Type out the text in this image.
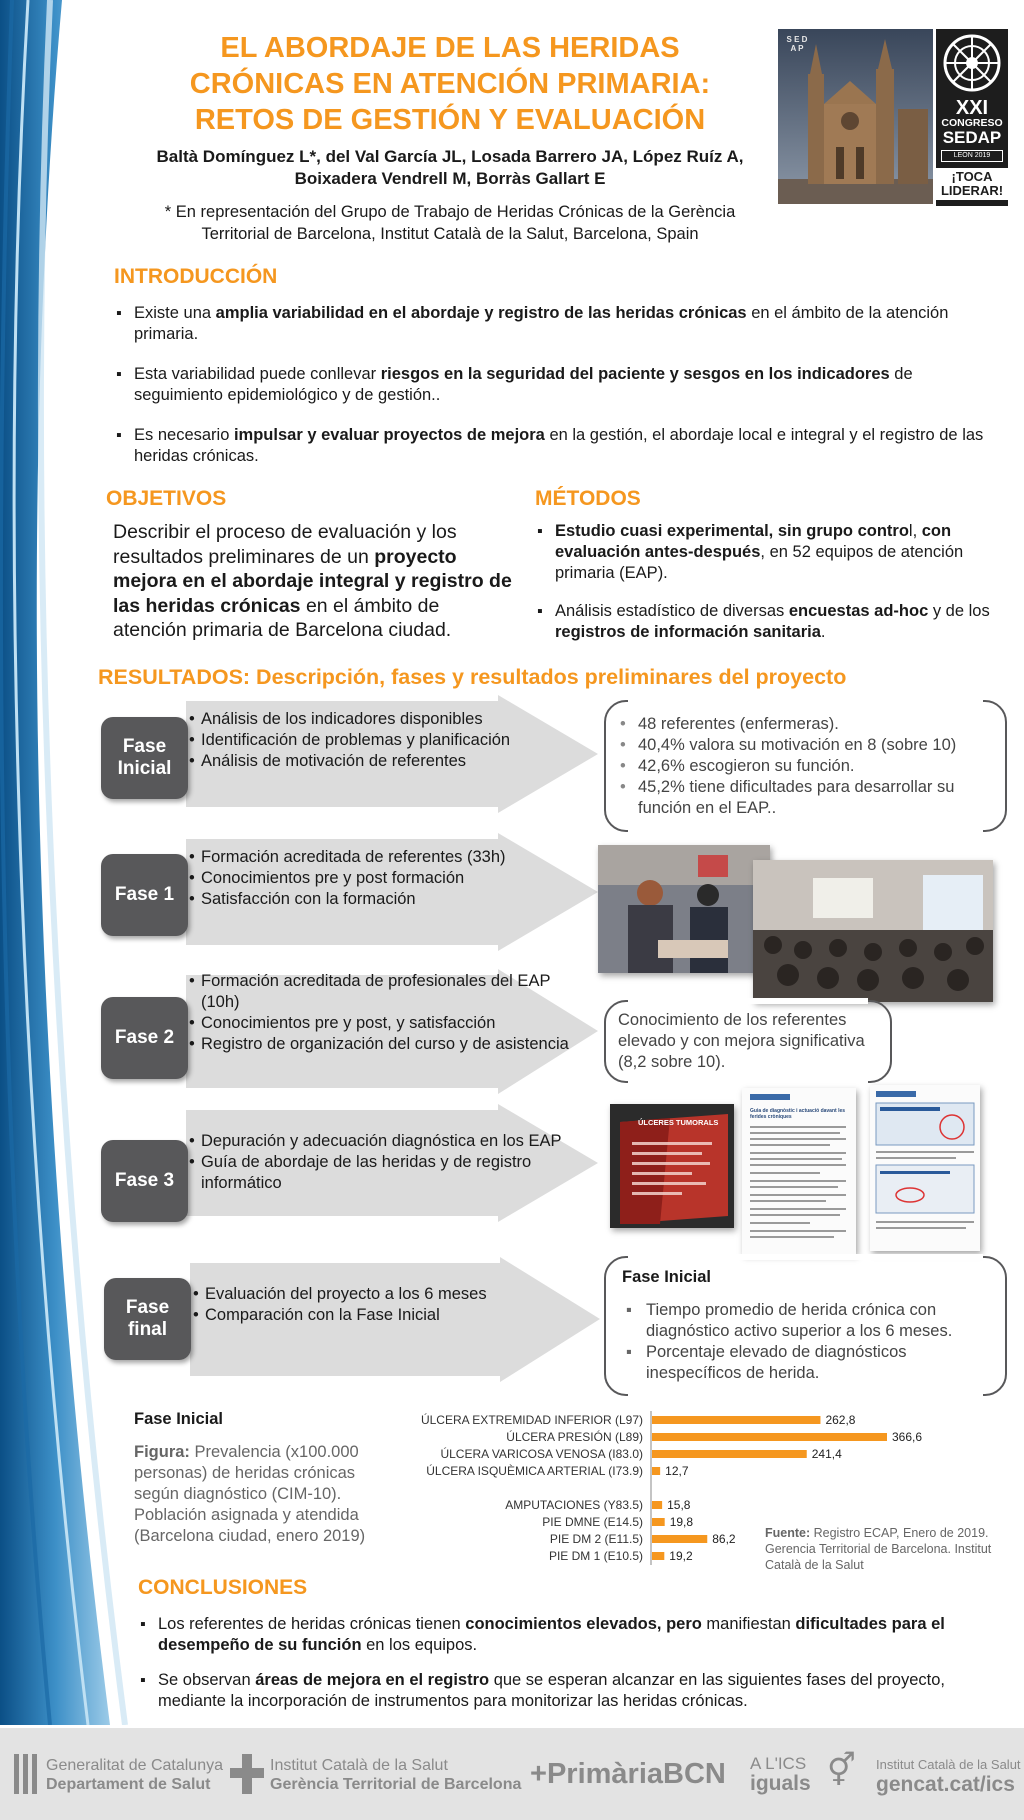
EL ABORDAJE DE LAS HERIDAS
CRÓNICAS EN ATENCIÓN PRIMARIA:
RETOS DE GESTIÓN Y EVALUACIÓN
Baltà Domínguez L*, del Val García JL, Losada Barrero JA, López Ruíz A,
Boixadera Vendrell M, Borràs Gallart E
* En representación del Grupo de Trabajo de Heridas Crónicas de la Gerència
Territorial de Barcelona, Institut Català de la Salut, Barcelona, Spain
S E D A P
XXI
CONGRESO
SEDAP
LEÓN 2019
¡TOCA
LIDERAR!
INTRODUCCIÓN
▪ Existe una amplia variabilidad en el abordaje y registro de las heridas crónicas en el ámbito de la atención primaria.
▪ Esta variabilidad puede conllevar riesgos en la seguridad del paciente y sesgos en los indicadores de seguimiento epidemiológico y de gestión..
▪ Es necesario impulsar y evaluar proyectos de mejora en la gestión, el abordaje local e integral y el registro de las heridas crónicas.
OBJETIVOS
Describir el proceso de evaluación y los resultados preliminares de un proyecto mejora en el abordaje integral y registro de las heridas crónicas en el ámbito de atención primaria de Barcelona ciudad.
MÉTODOS
▪ Estudio cuasi experimental, sin grupo control, con evaluación antes-después, en 52 equipos de atención primaria (EAP).
▪ Análisis estadístico de diversas encuestas ad-hoc y de los registros de información sanitaria.
RESULTADOS: Descripción, fases y resultados preliminares del proyecto
Fase
Inicial
Fase 1
Fase 2
Fase 3
Fase
final
• Análisis de los indicadores disponibles
• Identificación de problemas y planificación
• Análisis de motivación de referentes
• Formación acreditada de referentes (33h)
• Conocimientos pre y post formación
• Satisfacción con la formación
• Formación acreditada de profesionales del EAP (10h)
• Conocimientos pre y post, y satisfacción
• Registro de organización del curso y de asistencia
• Depuración y adecuación diagnóstica en los EAP
• Guía de abordaje de las heridas y de registro informático
• Evaluación del proyecto a los 6 meses
• Comparación con la Fase Inicial
• 48 referentes (enfermeras).
• 40,4% valora su motivación en 8 (sobre 10)
• 42,6% escogieron su función.
• 45,2% tiene dificultades para desarrollar su función en el EAP..
Conocimiento de los referentes elevado y con mejora significativa (8,2 sobre 10).
ÚLCERES TUMORALS
Guia de diagnòstic i actuació davant les ferides cròniques
Fase Inicial
▪ Tiempo promedio de herida crónica con diagnóstico activo superior a los 6 meses.
▪ Porcentaje elevado de diagnósticos inespecíficos de herida.
Fase Inicial
Figura: Prevalencia (x100.000 personas) de heridas crónicas según diagnóstico (CIM-10). Población asignada y atendida (Barcelona ciudad, enero 2019)
ÚLCERA EXTREMIDAD INFERIOR (L97)	262,8
ÚLCERA PRESIÓN (L89)	366,6
ÚLCERA VARICOSA VENOSA (I83.0)	241,4
ÚLCERA ISQUÈMICA ARTERIAL (I73.9) 12,7
AMPUTACIONES (Y83.5) 15,8
PIE DMNE (E14.5) 19,8
PIE DM 2 (E11.5)	86,2
PIE DM 1 (E10.5) 19,2
Fuente: Registro ECAP, Enero de 2019. Gerencia Territorial de Barcelona. Institut Català de la Salut
CONCLUSIONES
▪ Los referentes de heridas crónicas tienen conocimientos elevados, pero manifiestan dificultades para el desempeño de su función en los equipos.
▪ Se observan áreas de mejora en el registro que se esperan alcanzar en las siguientes fases del proyecto, mediante la incorporación de instrumentos para monitorizar las heridas crónicas.
Generalitat de Catalunya
Departament de Salut
Institut Català de la Salut
Gerència Territorial de Barcelona +PrimàriaBCN A L'ICS
iguals ⚥ Institut Català de la Salut
gencat.cat/ics
